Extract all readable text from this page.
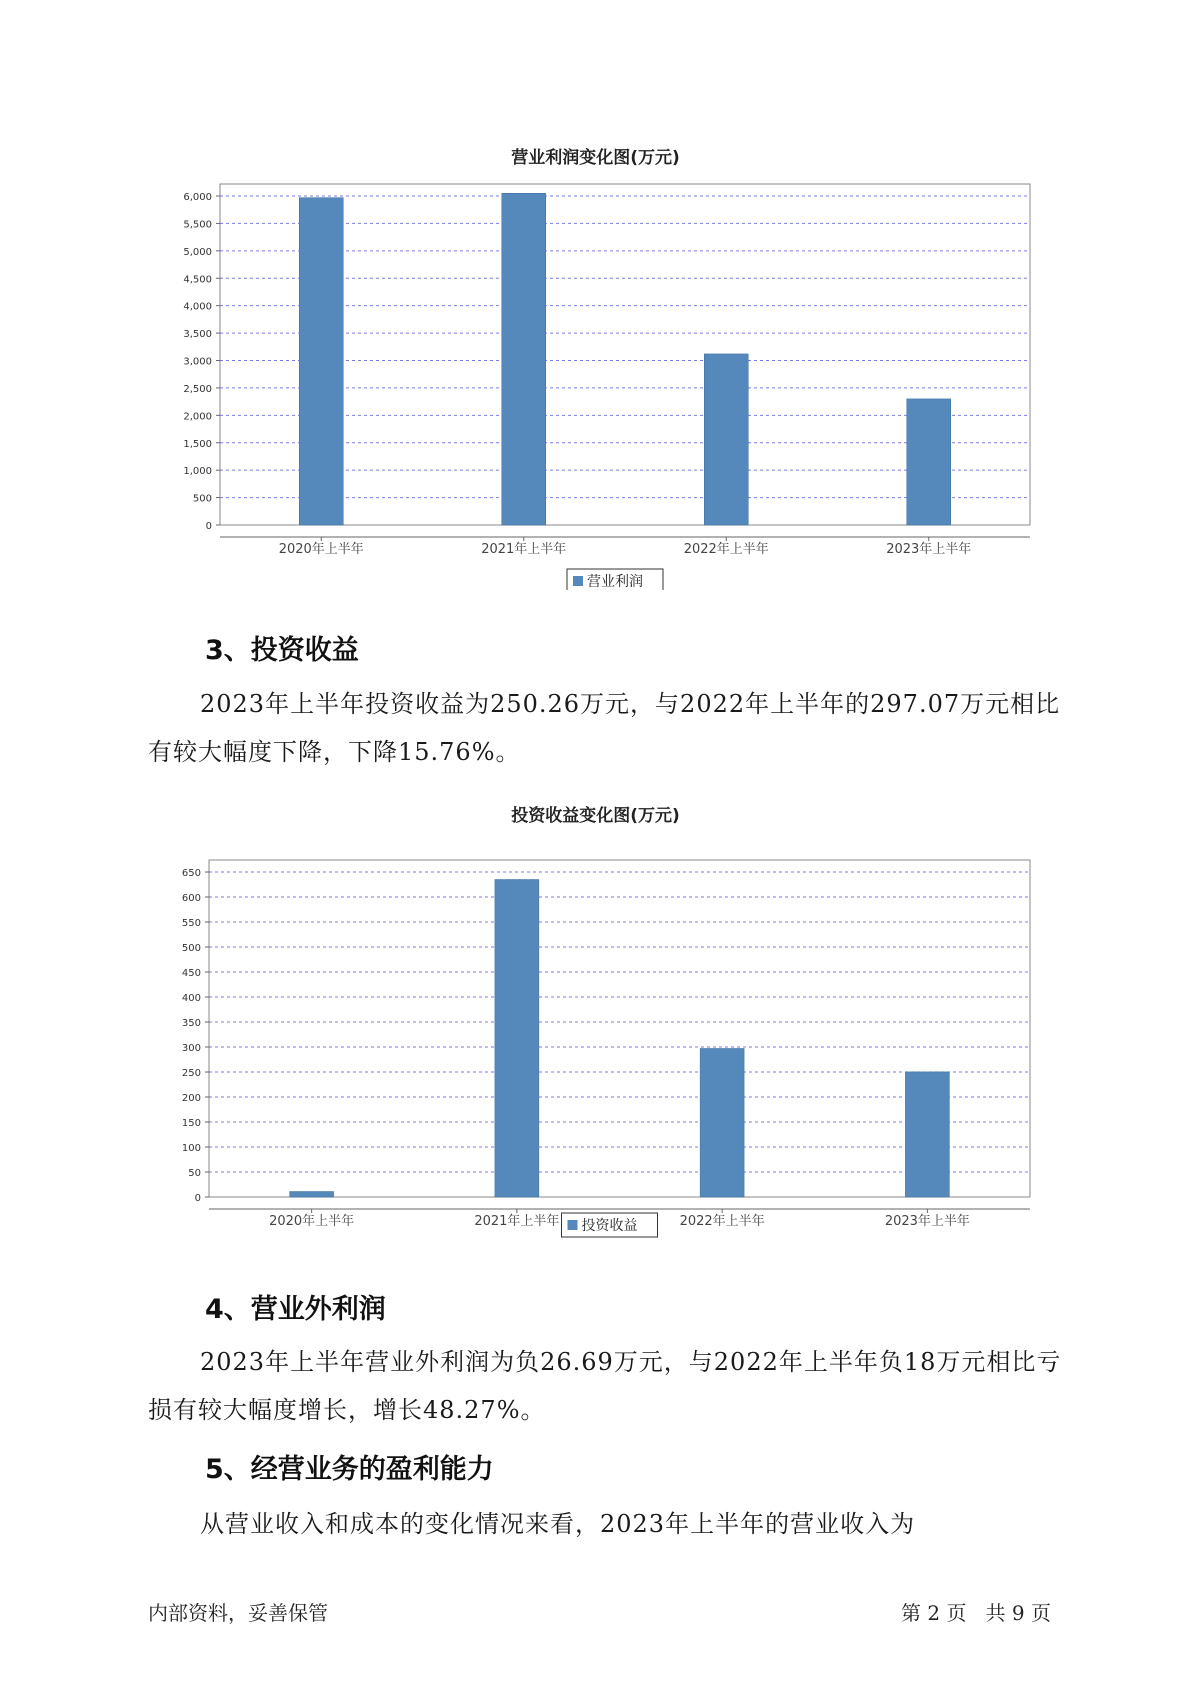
营业利润变化图(万元)
0
500
1,000
1,500
2,000
2,500
3,000
3,500
4,000
4,500
5,000
5,500
6,000
2020年上半年	2021年上半年	2022年上半年	2023年上半年
营业利润
3、投资收益

2023年上半年投资收益为250.26万元，与2022年上半年的297.07万元相比有较大幅度下降，下降15.76%。

投资收益变化图(万元)
0
50
100
150
200
250
300
350
400
450
500
550
600
650
2020年上半年	2021年上半年	2022年上半年	2023年上半年
投资收益
4、营业外利润

2023年上半年营业外利润为负26.69万元，与2022年上半年负18万元相比亏损有较大幅度增长，增长48.27%。

5、经营业务的盈利能力

从营业收入和成本的变化情况来看，2023年上半年的营业收入为

内部资料，妥善保管	第 2 页   共 9 页
